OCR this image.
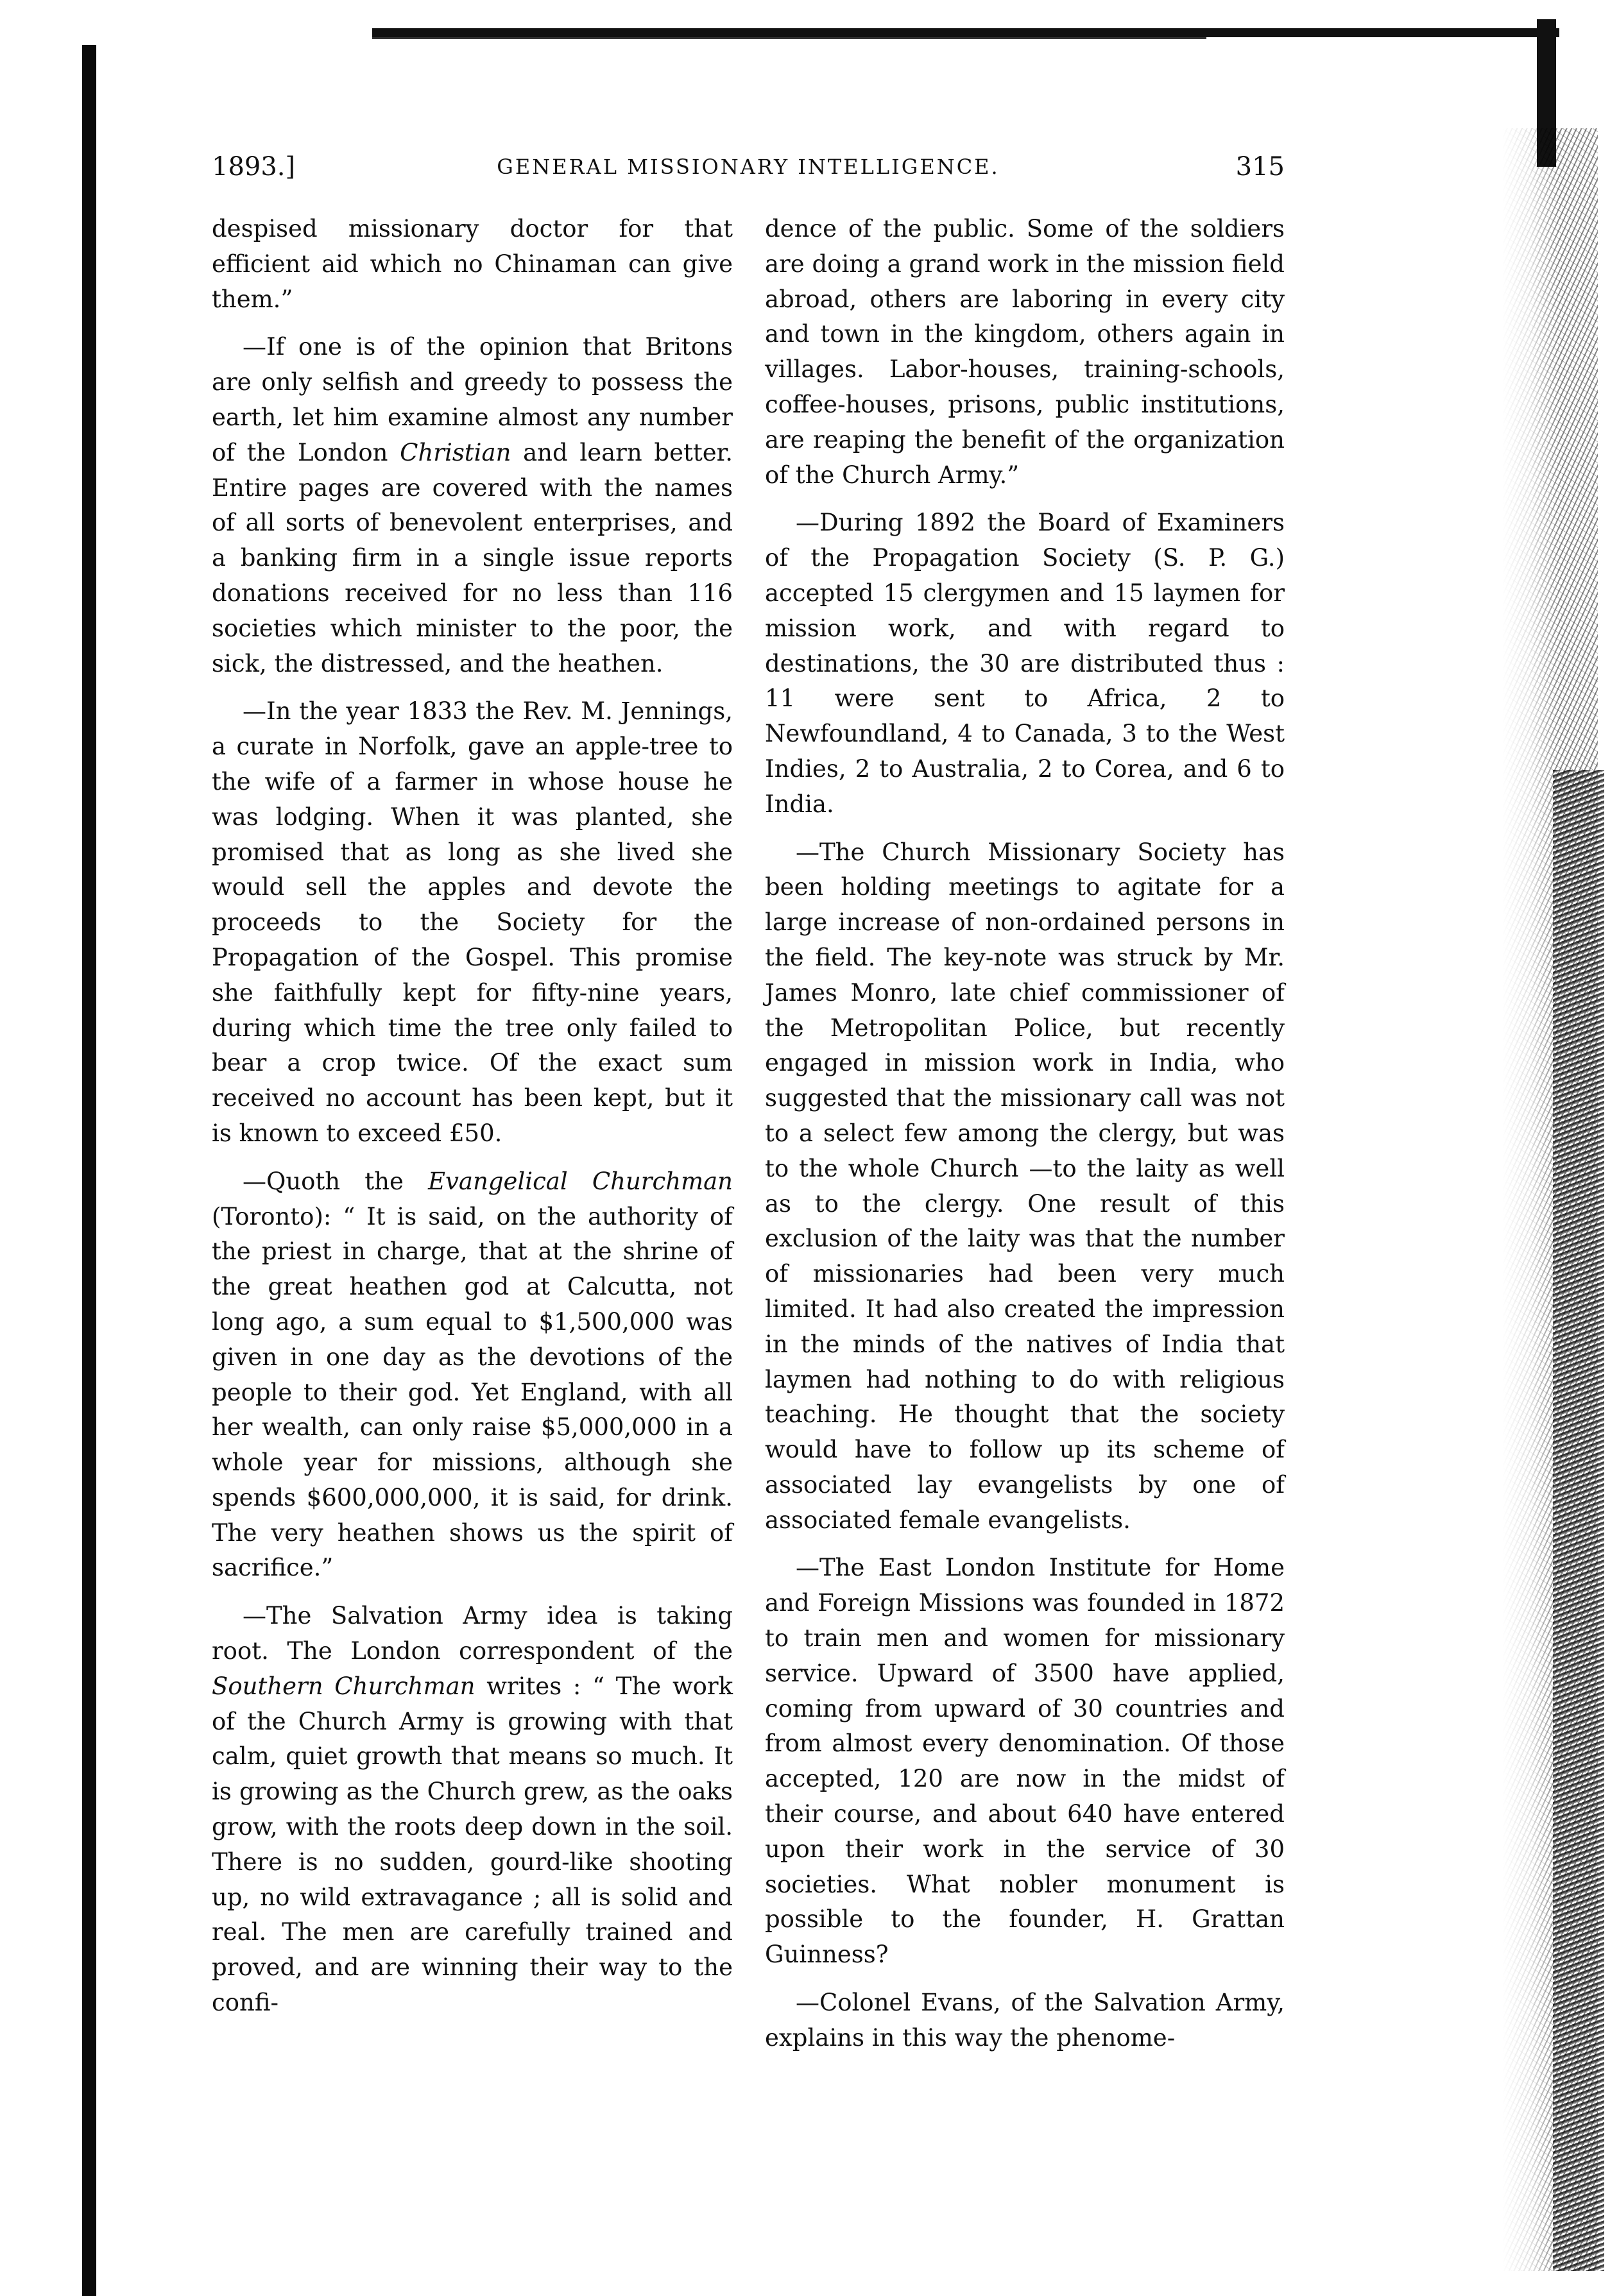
1893.]	GENERAL MISSIONARY INTELLIGENCE.	315

despised missionary doctor for that efficient aid which no Chinaman can give them.”

—If one is of the opinion that Britons are only selfish and greedy to possess the earth, let him examine almost any number of the London Christian and learn better. Entire pages are covered with the names of all sorts of benevolent enterprises, and a banking firm in a single issue reports donations received for no less than 116 societies which minister to the poor, the sick, the distressed, and the heathen.

—In the year 1833 the Rev. M. Jennings, a curate in Norfolk, gave an apple-tree to the wife of a farmer in whose house he was lodging. When it was planted, she promised that as long as she lived she would sell the apples and devote the proceeds to the Society for the Propagation of the Gospel. This promise she faithfully kept for fifty-nine years, during which time the tree only failed to bear a crop twice. Of the exact sum received no account has been kept, but it is known to exceed £50.

—Quoth the Evangelical Churchman (Toronto): “ It is said, on the authority of the priest in charge, that at the shrine of the great heathen god at Calcutta, not long ago, a sum equal to $1,500,000 was given in one day as the devotions of the people to their god. Yet England, with all her wealth, can only raise $5,000,000 in a whole year for missions, although she spends $600,000,000, it is said, for drink. The very heathen shows us the spirit of sacrifice.”

—The Salvation Army idea is taking root. The London correspondent of the Southern Churchman writes : “ The work of the Church Army is growing with that calm, quiet growth that means so much. It is growing as the Church grew, as the oaks grow, with the roots deep down in the soil. There is no sudden, gourd-like shooting up, no wild extravagance ; all is solid and real. The men are carefully trained and proved, and are winning their way to the confi-

dence of the public. Some of the soldiers are doing a grand work in the mission field abroad, others are laboring in every city and town in the kingdom, others again in villages. Labor-houses, training-schools, coffee-houses, prisons, public institutions, are reaping the benefit of the organization of the Church Army.”

—During 1892 the Board of Examiners of the Propagation Society (S. P. G.) accepted 15 clergymen and 15 laymen for mission work, and with regard to destinations, the 30 are distributed thus : 11 were sent to Africa, 2 to Newfoundland, 4 to Canada, 3 to the West Indies, 2 to Australia, 2 to Corea, and 6 to India.

—The Church Missionary Society has been holding meetings to agitate for a large increase of non-ordained persons in the field. The key-note was struck by Mr. James Monro, late chief commissioner of the Metropolitan Police, but recently engaged in mission work in India, who suggested that the missionary call was not to a select few among the clergy, but was to the whole Church —to the laity as well as to the clergy. One result of this exclusion of the laity was that the number of missionaries had been very much limited. It had also created the impression in the minds of the natives of India that laymen had nothing to do with religious teaching. He thought that the society would have to follow up its scheme of associated lay evangelists by one of associated female evangelists.

—The East London Institute for Home and Foreign Missions was founded in 1872 to train men and women for missionary service. Upward of 3500 have applied, coming from upward of 30 countries and from almost every denomination. Of those accepted, 120 are now in the midst of their course, and about 640 have entered upon their work in the service of 30 societies. What nobler monument is possible to the founder, H. Grattan Guinness?

—Colonel Evans, of the Salvation Army, explains in this way the phenome-
